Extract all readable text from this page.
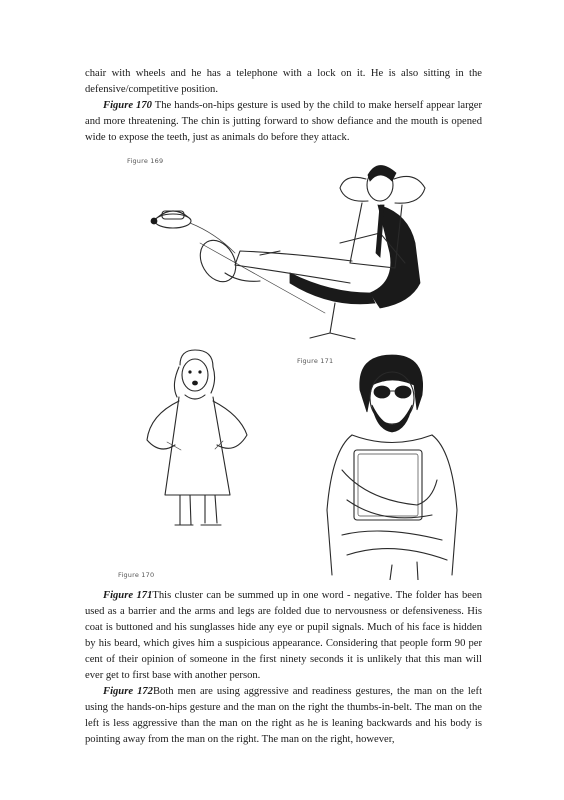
chair with wheels and he has a telephone with a lock on it. He is also sitting in the defensive/competitive position.

Figure 170 The hands-on-hips gesture is used by the child to make herself appear larger and more threatening. The chin is jutting forward to show defiance and the mouth is opened wide to expose the teeth, just as animals do before they attack.

Figure 169
Figure 171
Figure 170

Figure 171This cluster can be summed up in one word - negative. The folder has been used as a barrier and the arms and legs are folded due to nervousness or defensiveness. His coat is buttoned and his sunglasses hide any eye or pupil signals. Much of his face is hidden by his beard, which gives him a suspicious appearance. Considering that people form 90 per cent of their opinion of someone in the first ninety seconds it is unlikely that this man will ever get to first base with another person.

Figure 172Both men are using aggressive and readiness gestures, the man on the left using the hands-on-hips gesture and the man on the right the thumbs-in-belt. The man on the left is less aggressive than the man on the right as he is leaning backwards and his body is pointing away from the man on the right. The man on the right, however,
